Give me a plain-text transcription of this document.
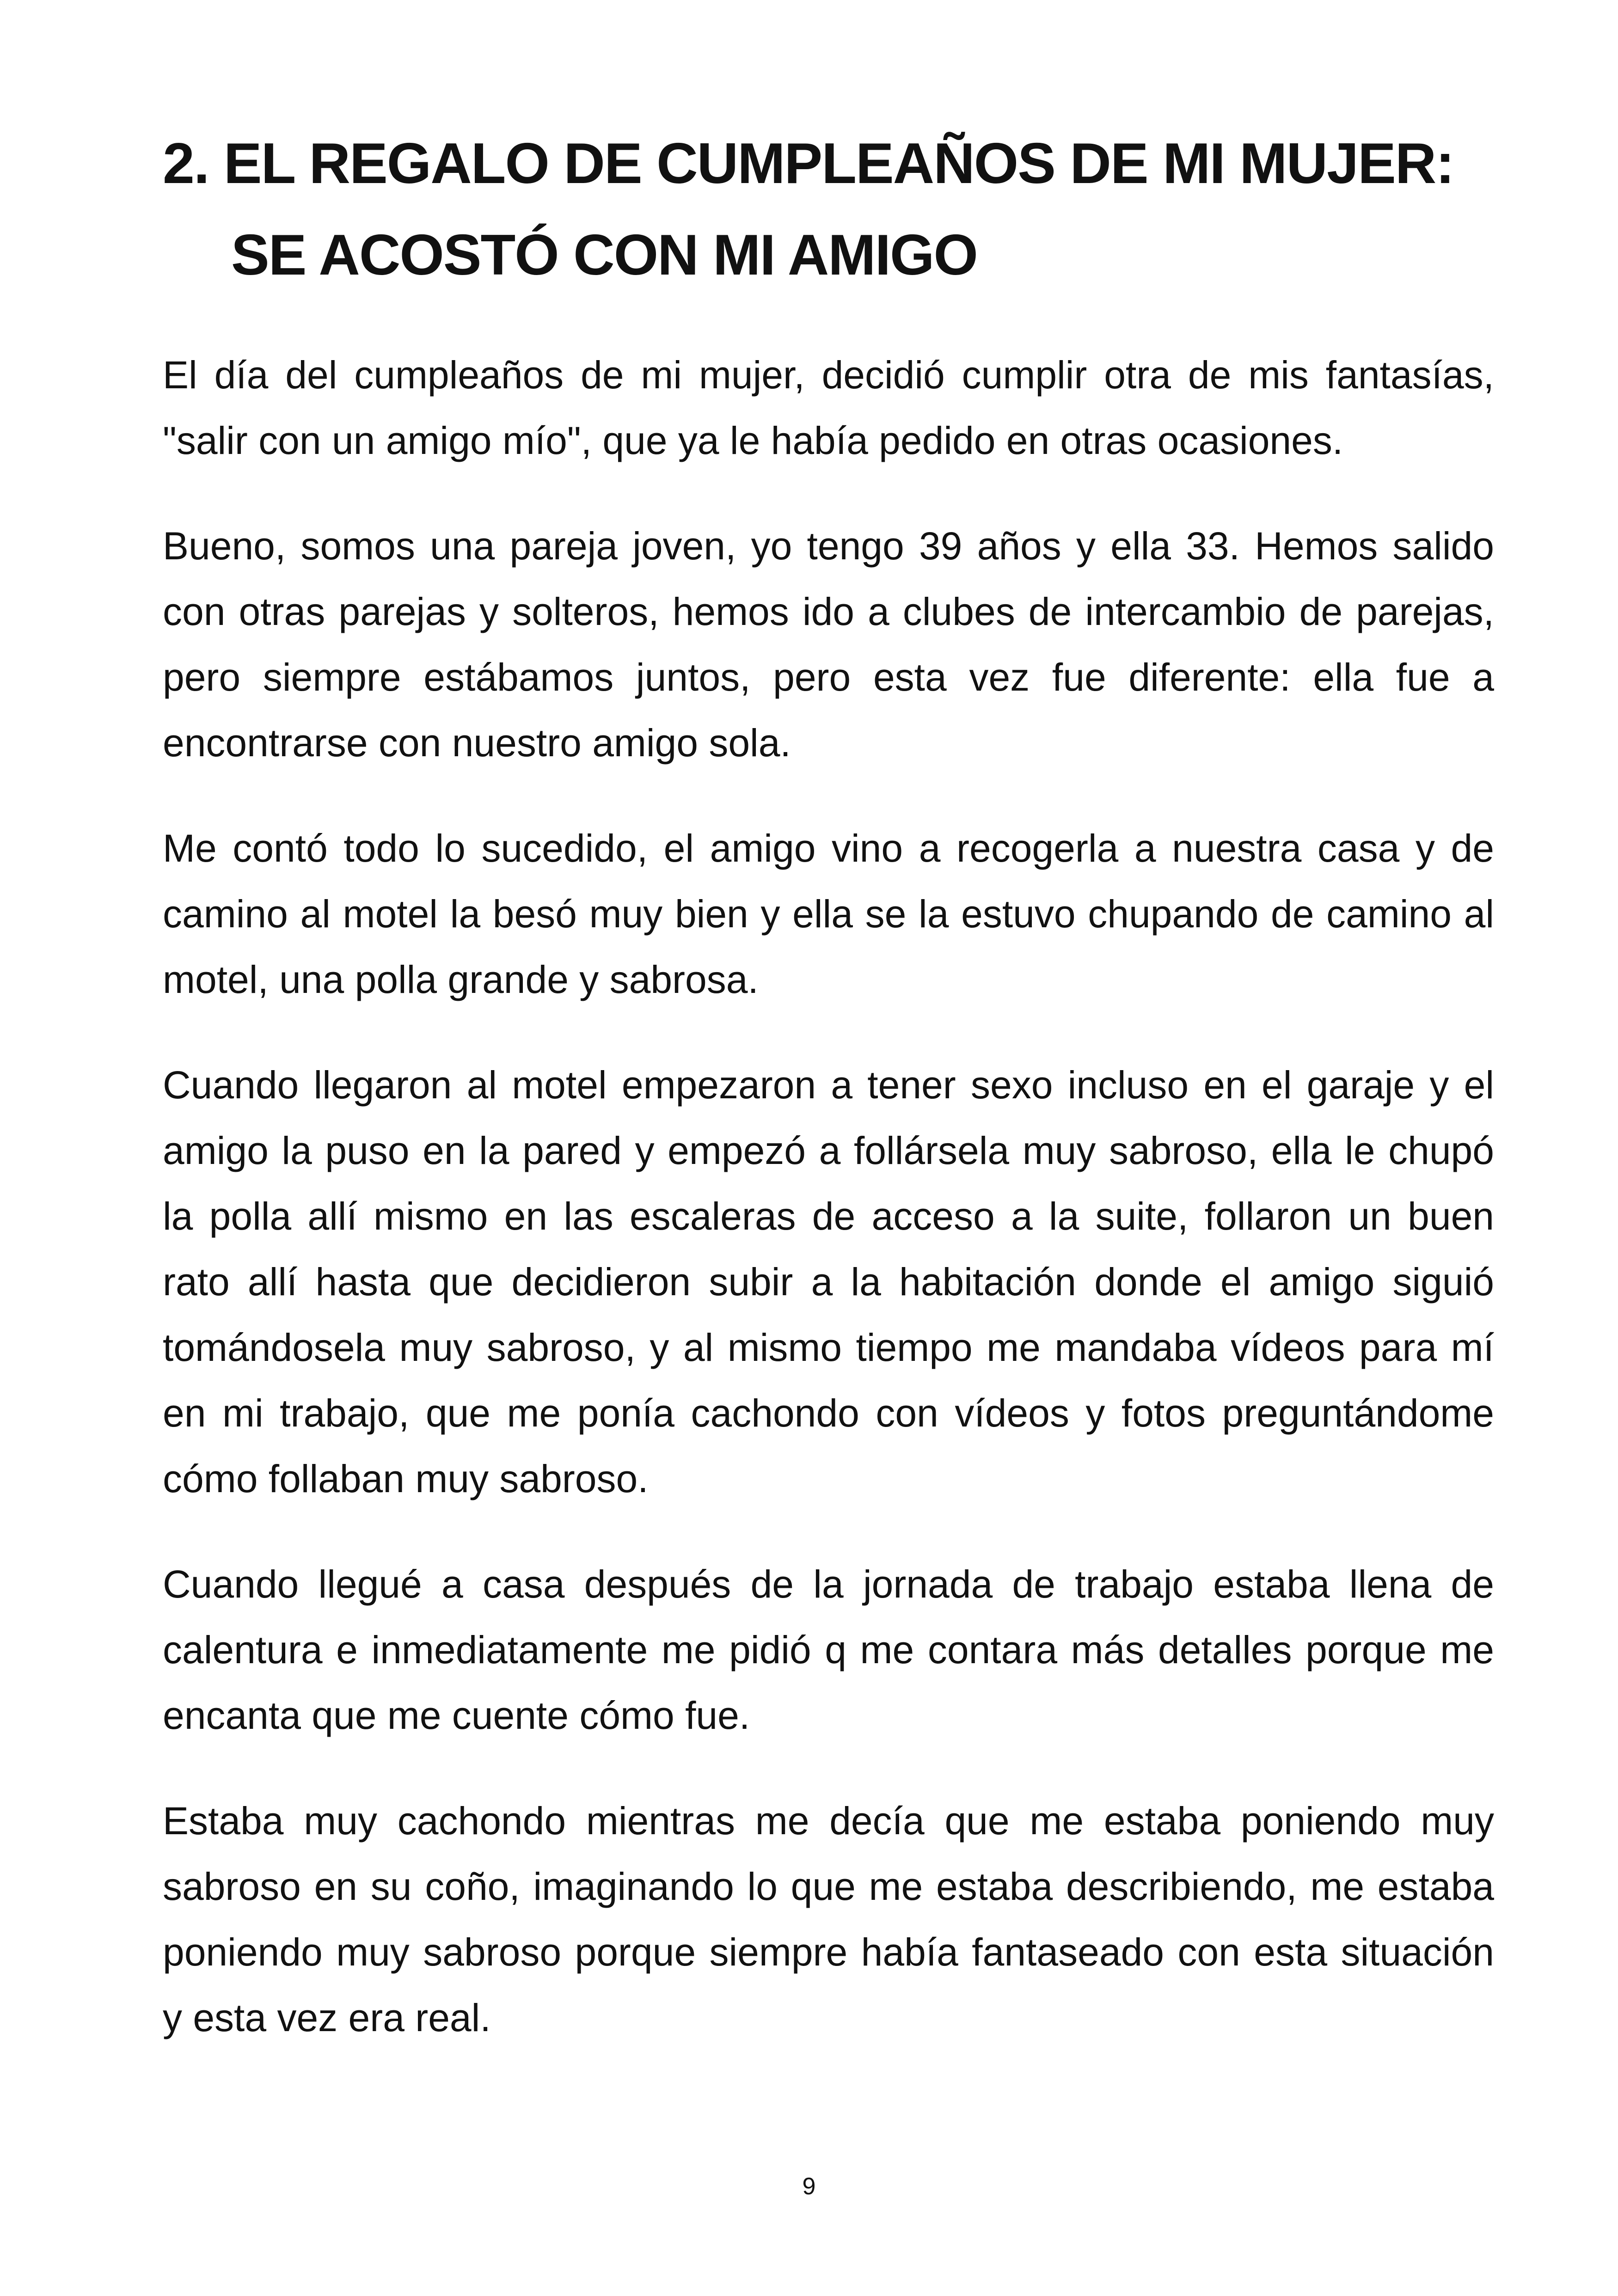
2. EL REGALO DE CUMPLEAÑOS DE MI MUJER:
SE ACOSTÓ CON MI AMIGO

El día del cumpleaños de mi mujer, decidió cumplir otra de mis fantasías, "salir con un amigo mío", que ya le había pedido en otras ocasiones.

Bueno, somos una pareja joven, yo tengo 39 años y ella 33. Hemos salido con otras parejas y solteros, hemos ido a clubes de intercambio de parejas, pero siempre estábamos juntos, pero esta vez fue diferente: ella fue a encontrarse con nuestro amigo sola.

Me contó todo lo sucedido, el amigo vino a recogerla a nuestra casa y de camino al motel la besó muy bien y ella se la estuvo chupando de camino al motel, una polla grande y sabrosa.

Cuando llegaron al motel empezaron a tener sexo incluso en el garaje y el amigo la puso en la pared y empezó a follársela muy sabroso, ella le chupó la polla allí mismo en las escaleras de acceso a la suite, follaron un buen rato allí hasta que decidieron subir a la habitación donde el amigo siguió tomándosela muy sabroso, y al mismo tiempo me mandaba vídeos para mí en mi trabajo, que me ponía cachondo con vídeos y fotos preguntándome cómo follaban muy sabroso.

Cuando llegué a casa después de la jornada de trabajo estaba llena de calentura e inmediatamente me pidió q me contara más detalles porque me encanta que me cuente cómo fue.

Estaba muy cachondo mientras me decía que me estaba poniendo muy sabroso en su coño, imaginando lo que me estaba describiendo, me estaba poniendo muy sabroso porque siempre había fantaseado con esta situación y esta vez era real.

9
